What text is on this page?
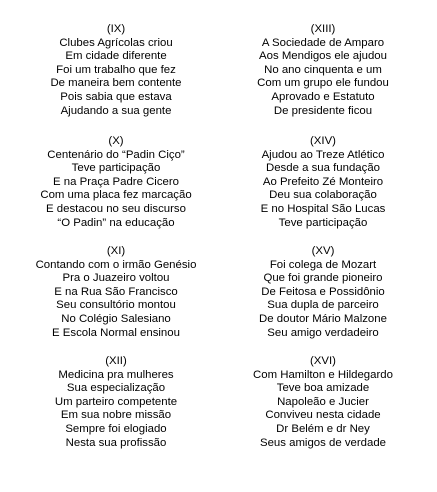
(IX)
Clubes Agrícolas criou
Em cidade diferente
Foi um trabalho que fez
De maneira bem contente
Pois sabia que estava
Ajudando a sua gente
(XIII)
A Sociedade de Amparo
Aos Mendigos ele ajudou
No ano cinquenta e um
Com um grupo ele fundou
Aprovado e Estatuto
De presidente ficou
(X)
Centenário do “Padin Ciço”
Teve participação
E na Praça Padre Cicero
Com uma placa fez marcação
E destacou no seu discurso
“O Padin” na educação
(XIV)
Ajudou ao Treze Atlético
Desde a sua fundação
Ao Prefeito Zé Monteiro
Deu sua colaboração
E no Hospital São Lucas
Teve participação
(XI)
Contando com o irmão Genésio
Pra o Juazeiro voltou
E na Rua São Francisco
Seu consultório montou
No Colégio Salesiano
E Escola Normal ensinou
(XV)
Foi colega de Mozart
Que foi grande pioneiro
De Feitosa e Possidônio
Sua dupla de parceiro
De doutor Mário Malzone
Seu amigo verdadeiro
(XII)
Medicina pra mulheres
Sua especialização
Um parteiro competente
Em sua nobre missão
Sempre foi elogiado
Nesta sua profissão
(XVI)
Com Hamilton e Hildegardo
Teve boa amizade
Napoleão e Jucier
Conviveu nesta cidade
Dr Belém e dr Ney
Seus amigos de verdade
